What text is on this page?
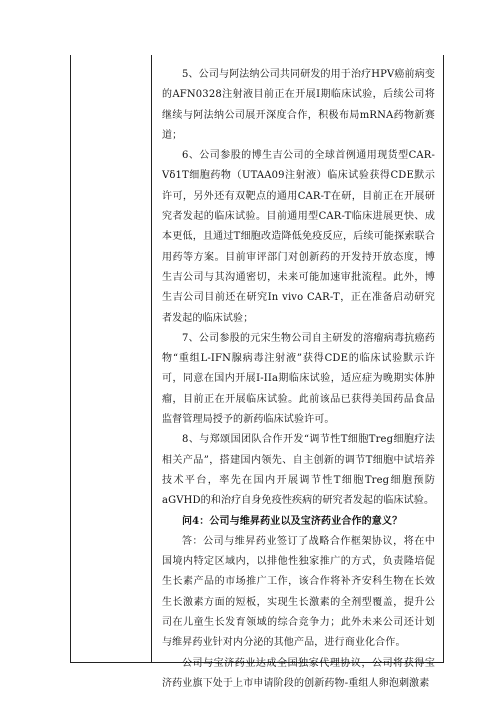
5、公司与阿法纳公司共同研发的用于治疗HPV癌前病变的AFN0328注射液目前正在开展I期临床试验，后续公司将继续与阿法纳公司展开深度合作，积极布局mRNA药物新赛道；

6、公司参股的博生吉公司的全球首例通用现货型CAR-Vδ1T细胞药物（UTAA09注射液）临床试验获得CDE默示许可，另外还有双靶点的通用CAR-T在研，目前正在开展研究者发起的临床试验。目前通用型CAR-T临床进展更快、成本更低，且通过T细胞改造降低免疫反应，后续可能探索联合用药等方案。目前审评部门对创新药的开发持开放态度，博生吉公司与其沟通密切，未来可能加速审批流程。此外，博生吉公司目前还在研究In vivo CAR-T，正在准备启动研究者发起的临床试验；

7、公司参股的元宋生物公司自主研发的溶瘤病毒抗癌药物“重组L-IFN腺病毒注射液”获得CDE的临床试验默示许可，同意在国内开展I-IIa期临床试验，适应症为晚期实体肿瘤，目前正在开展临床试验。此前该品已获得美国药品食品监督管理局授予的新药临床试验许可。

8、与郑颂国团队合作开发“调节性T细胞Treg细胞疗法相关产品”，搭建国内领先、自主创新的调节T细胞中试培养技术平台，率先在国内开展调节性T细胞Treg细胞预防aGVHD的和治疗自身免疫性疾病的研究者发起的临床试验。

问4：公司与维昇药业以及宝济药业合作的意义？

答：公司与维昇药业签订了战略合作框架协议，将在中国境内特定区域内，以排他性独家推广的方式，负责隆培促生长素产品的市场推广工作，该合作将补齐安科生物在长效生长激素方面的短板，实现生长激素的全剂型覆盖，提升公司在儿童生长发育领域的综合竞争力；此外未来公司还计划与维昇药业针对内分泌的其他产品，进行商业化合作。

公司与宝济药业达成全国独家代理协议，公司将获得宝济药业旗下处于上市申请阶段的创新药物-重组人卵泡刺激素
